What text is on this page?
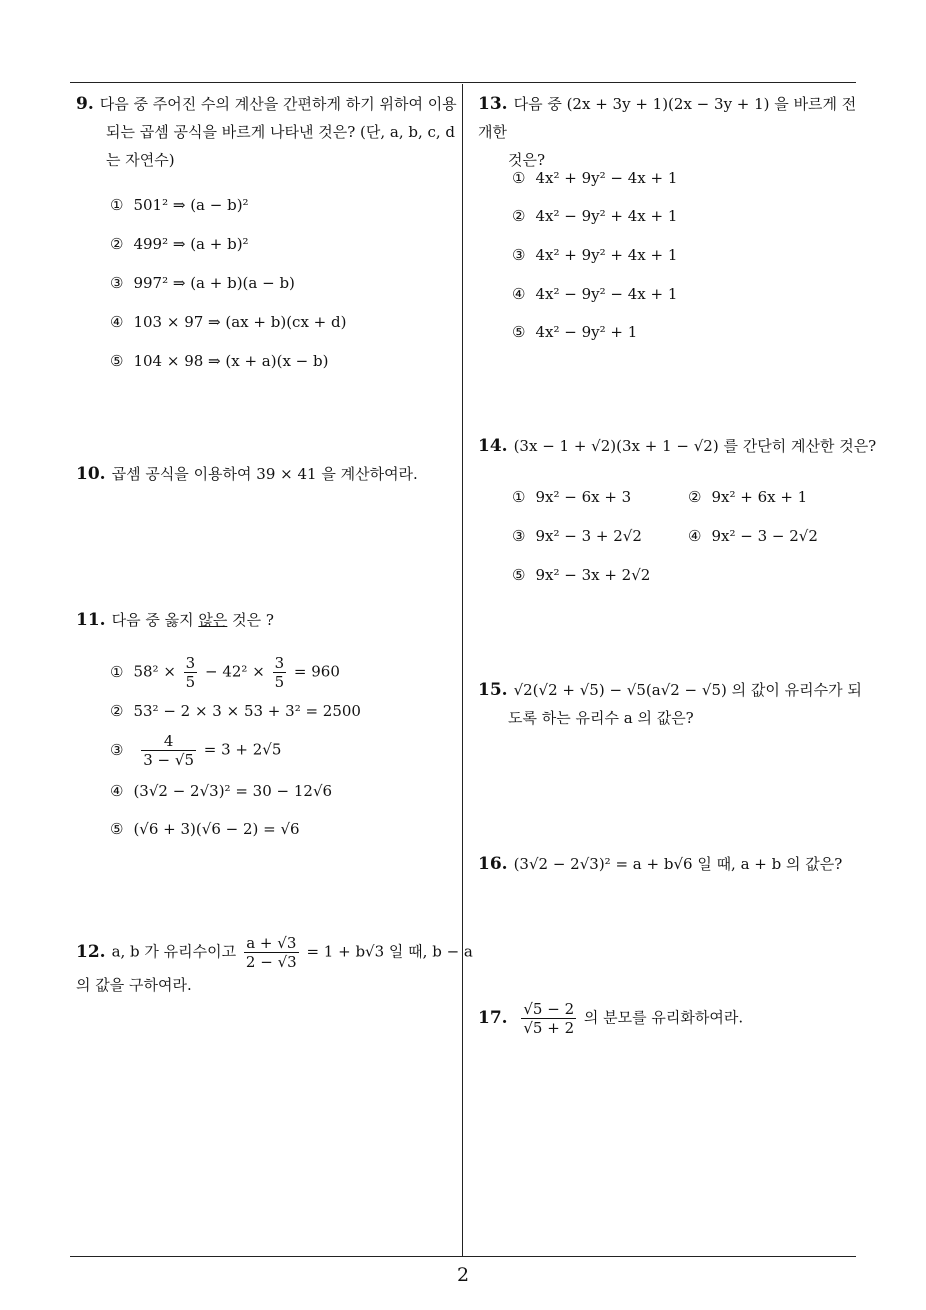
2
9. 다음 중 주어진 수의 계산을 간편하게 하기 위하여 이용
되는 곱셈 공식을 바르게 나타낸 것은? (단, a, b, c, d
는 자연수)
① 501² ⇒ (a − b)²
② 499² ⇒ (a + b)²
③ 997² ⇒ (a + b)(a − b)
④ 103 × 97 ⇒ (ax + b)(cx + d)
⑤ 104 × 98 ⇒ (x + a)(x − b)
10. 곱셈 공식을 이용하여 39 × 41 을 계산하여라.
11. 다음 중 옳지 않은 것은 ?
① $58^2 \times \frac{3}{5} - 42^2 \times \frac{3}{5} = 960$
② 53² − 2 × 3 × 53 + 3² = 2500
③ $\frac{4}{3 - √5} = 3 + 2√5$
④ (3√2 − 2√3)² = 30 − 12√6
⑤ (√6 + 3)(√6 − 2) = √6
12. a, b 가 유리수이고 $\frac{a + √3}{2 - √3} = 1 + b√3$ 일 때, b − a
의 값을 구하여라.
13. 다음 중 (2x + 3y + 1)(2x − 3y + 1) 을 바르게 전개한
것은?
① 4x² + 9y² − 4x + 1
② 4x² − 9y² + 4x + 1
③ 4x² + 9y² + 4x + 1
④ 4x² − 9y² − 4x + 1
⑤ 4x² − 9y² + 1
14. (3x − 1 + √2)(3x + 1 − √2) 를 간단히 계산한 것은?
① 9x² − 6x + 3	② 9x² + 6x + 1
③ 9x² − 3 + 2√2	④ 9x² − 3 − 2√2
⑤ 9x² − 3x + 2√2
15. √2(√2 + √5) − √5(a√2 − √5) 의 값이 유리수가 되
도록 하는 유리수 a 의 값은?
16. (3√2 − 2√3)² = a + b√6 일 때, a + b 의 값은?
17. $\frac{√5 - 2}{√5 + 2}$ 의 분모를 유리화하여라.
